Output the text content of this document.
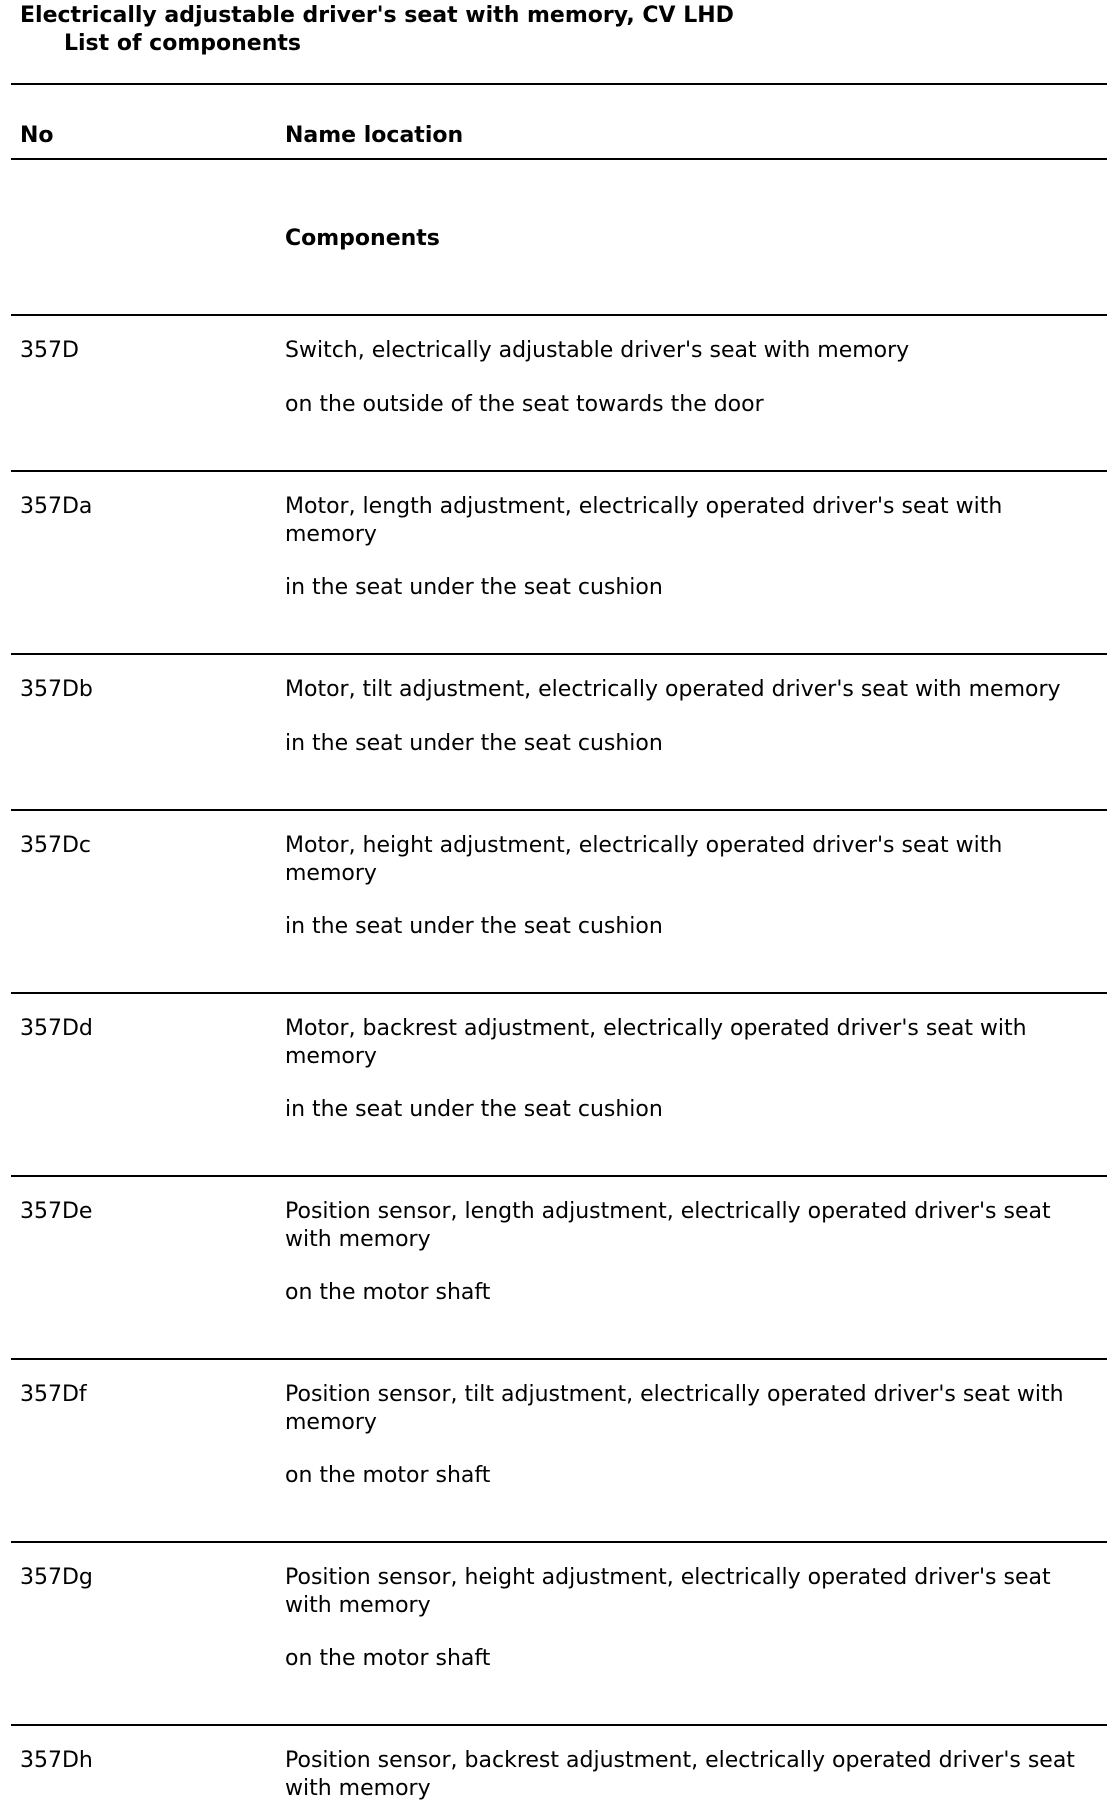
Electrically adjustable driver's seat with memory, CV LHD
List of components
No	Name location
Components
357D	Switch, electrically adjustable driver's seat with memory
on the outside of the seat towards the door
357Da	Motor, length adjustment, electrically operated driver's seat with memory
in the seat under the seat cushion
357Db	Motor, tilt adjustment, electrically operated driver's seat with memory
in the seat under the seat cushion
357Dc	Motor, height adjustment, electrically operated driver's seat with memory
in the seat under the seat cushion
357Dd	Motor, backrest adjustment, electrically operated driver's seat with memory
in the seat under the seat cushion
357De	Position sensor, length adjustment, electrically operated driver's seat with memory
on the motor shaft
357Df	Position sensor, tilt adjustment, electrically operated driver's seat with memory
on the motor shaft
357Dg	Position sensor, height adjustment, electrically operated driver's seat with memory
on the motor shaft
357Dh	Position sensor, backrest adjustment, electrically operated driver's seat with memory
